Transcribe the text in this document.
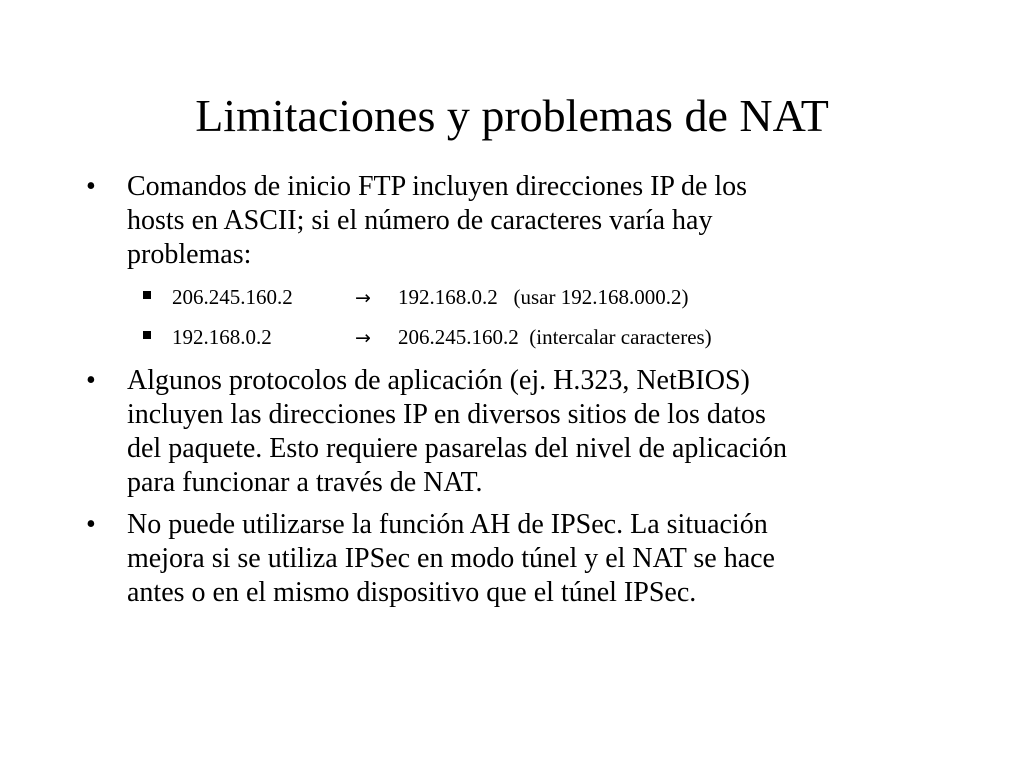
Limitaciones y problemas de NAT
•	Comandos de inicio FTP incluyen direcciones IP de los
hosts en ASCII; si el número de caracteres varía hay
problemas:
206.245.160.2	→ 192.168.0.2 (usar 192.168.000.2)
192.168.0.2	→ 206.245.160.2 (intercalar caracteres)
•	Algunos protocolos de aplicación (ej. H.323, NetBIOS)
incluyen las direcciones IP en diversos sitios de los datos
del paquete. Esto requiere pasarelas del nivel de aplicación
para funcionar a través de NAT.
•	No puede utilizarse la función AH de IPSec. La situación
mejora si se utiliza IPSec en modo túnel y el NAT se hace
antes o en el mismo dispositivo que el túnel IPSec.
